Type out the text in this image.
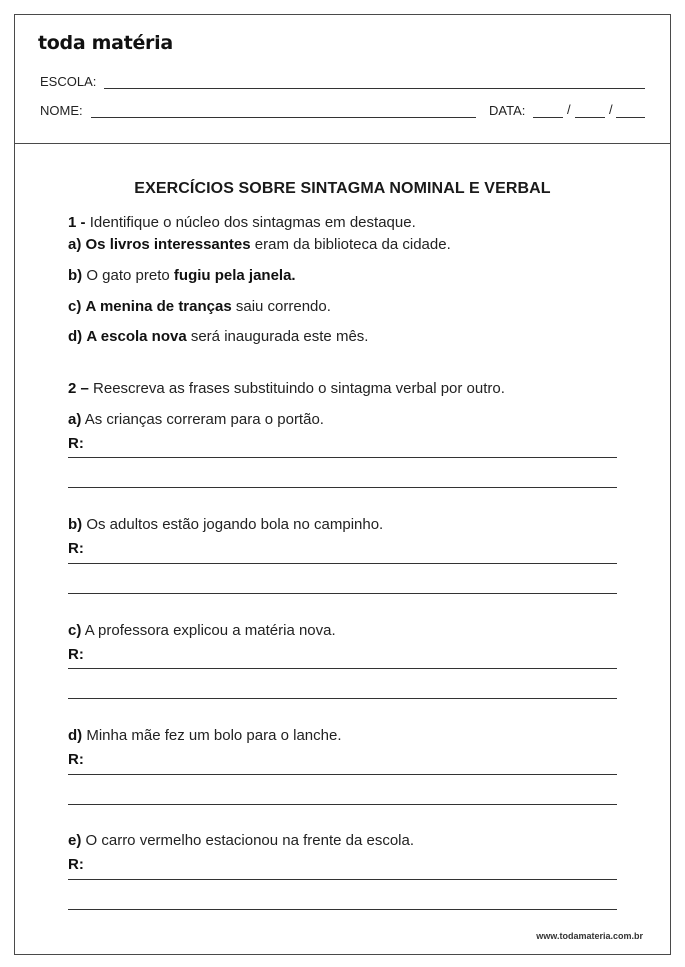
toda matéria
ESCOLA:
NOME:	DATA:	/	/
EXERCÍCIOS SOBRE SINTAGMA NOMINAL E VERBAL
1 - Identifique o núcleo dos sintagmas em destaque.
a) Os livros interessantes eram da biblioteca da cidade.
b) O gato preto fugiu pela janela.
c) A menina de tranças saiu correndo.
d) A escola nova será inaugurada este mês.
2 – Reescreva as frases substituindo o sintagma verbal por outro.
a) As crianças correram para o portão.
R:
b) Os adultos estão jogando bola no campinho.
R:
c) A professora explicou a matéria nova.
R:
d) Minha mãe fez um bolo para o lanche.
R:
e) O carro vermelho estacionou na frente da escola.
R:
www.todamateria.com.br
